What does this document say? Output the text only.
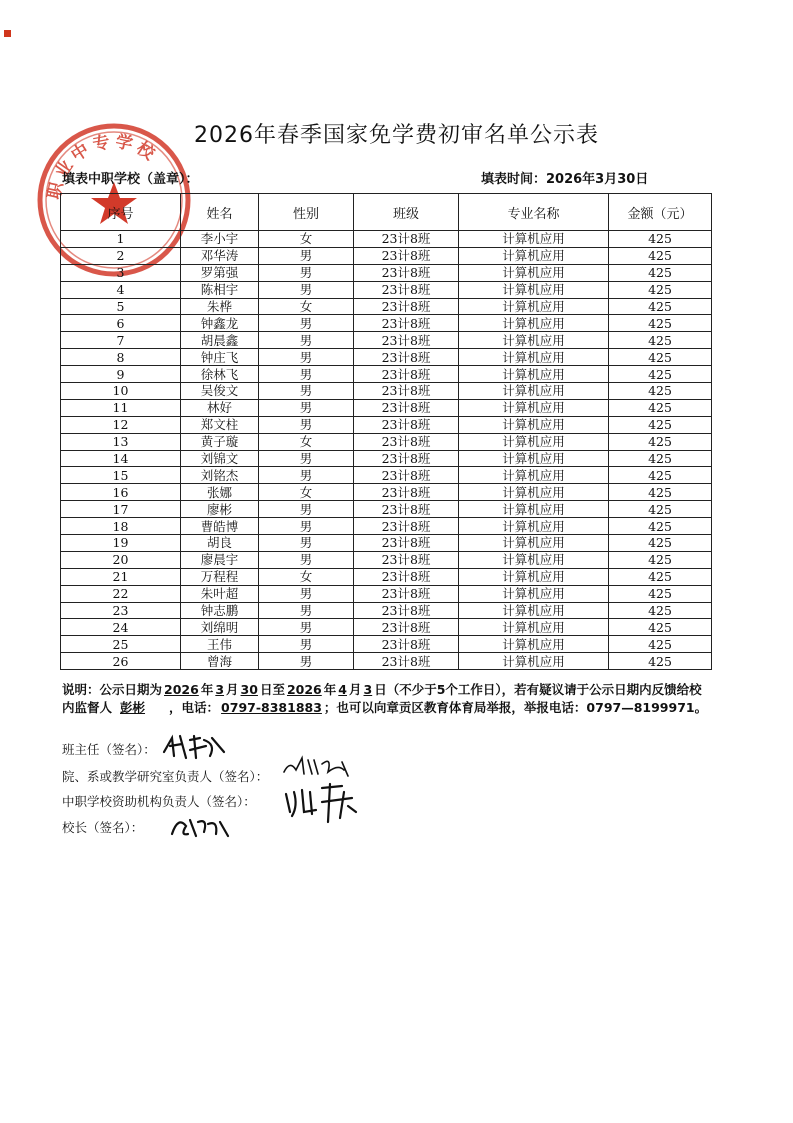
职业中专学校
2026年春季国家免学费初审名单公示表
填表中职学校（盖章）：	填表时间：2026年3月30日
序号	姓名	性别	班级	专业名称	金额（元）
1	李小宇	女	23计8班	计算机应用	425
2	邓华涛	男	23计8班	计算机应用	425
3	罗第强	男	23计8班	计算机应用	425
4	陈相宇	男	23计8班	计算机应用	425
5	朱桦	女	23计8班	计算机应用	425
6	钟鑫龙	男	23计8班	计算机应用	425
7	胡晨鑫	男	23计8班	计算机应用	425
8	钟庄飞	男	23计8班	计算机应用	425
9	徐林飞	男	23计8班	计算机应用	425
10	吴俊文	男	23计8班	计算机应用	425
11	林好	男	23计8班	计算机应用	425
12	郑文柱	男	23计8班	计算机应用	425
13	黄子璇	女	23计8班	计算机应用	425
14	刘锦文	男	23计8班	计算机应用	425
15	刘铭杰	男	23计8班	计算机应用	425
16	张娜	女	23计8班	计算机应用	425
17	廖彬	男	23计8班	计算机应用	425
18	曹皓博	男	23计8班	计算机应用	425
19	胡良	男	23计8班	计算机应用	425
20	廖晨宇	男	23计8班	计算机应用	425
21	万程程	女	23计8班	计算机应用	425
22	朱叶超	男	23计8班	计算机应用	425
23	钟志鹏	男	23计8班	计算机应用	425
24	刘绵明	男	23计8班	计算机应用	425
25	王伟	男	23计8班	计算机应用	425
26	曾海	男	23计8班	计算机应用	425
说明：公示日期为 2026 年 3 月 30 日至 2026 年 4 月 3 日（不少于5个工作日），若有疑议请于公示日期内反馈给校内监督人 彭彬 ，电话： 0797-8381883 ；也可以向章贡区教育体育局举报，举报电话：0797—8199971。
班主任（签名）：
院、系或教学研究室负责人（签名）：
中职学校资助机构负责人（签名）：
校长（签名）：
